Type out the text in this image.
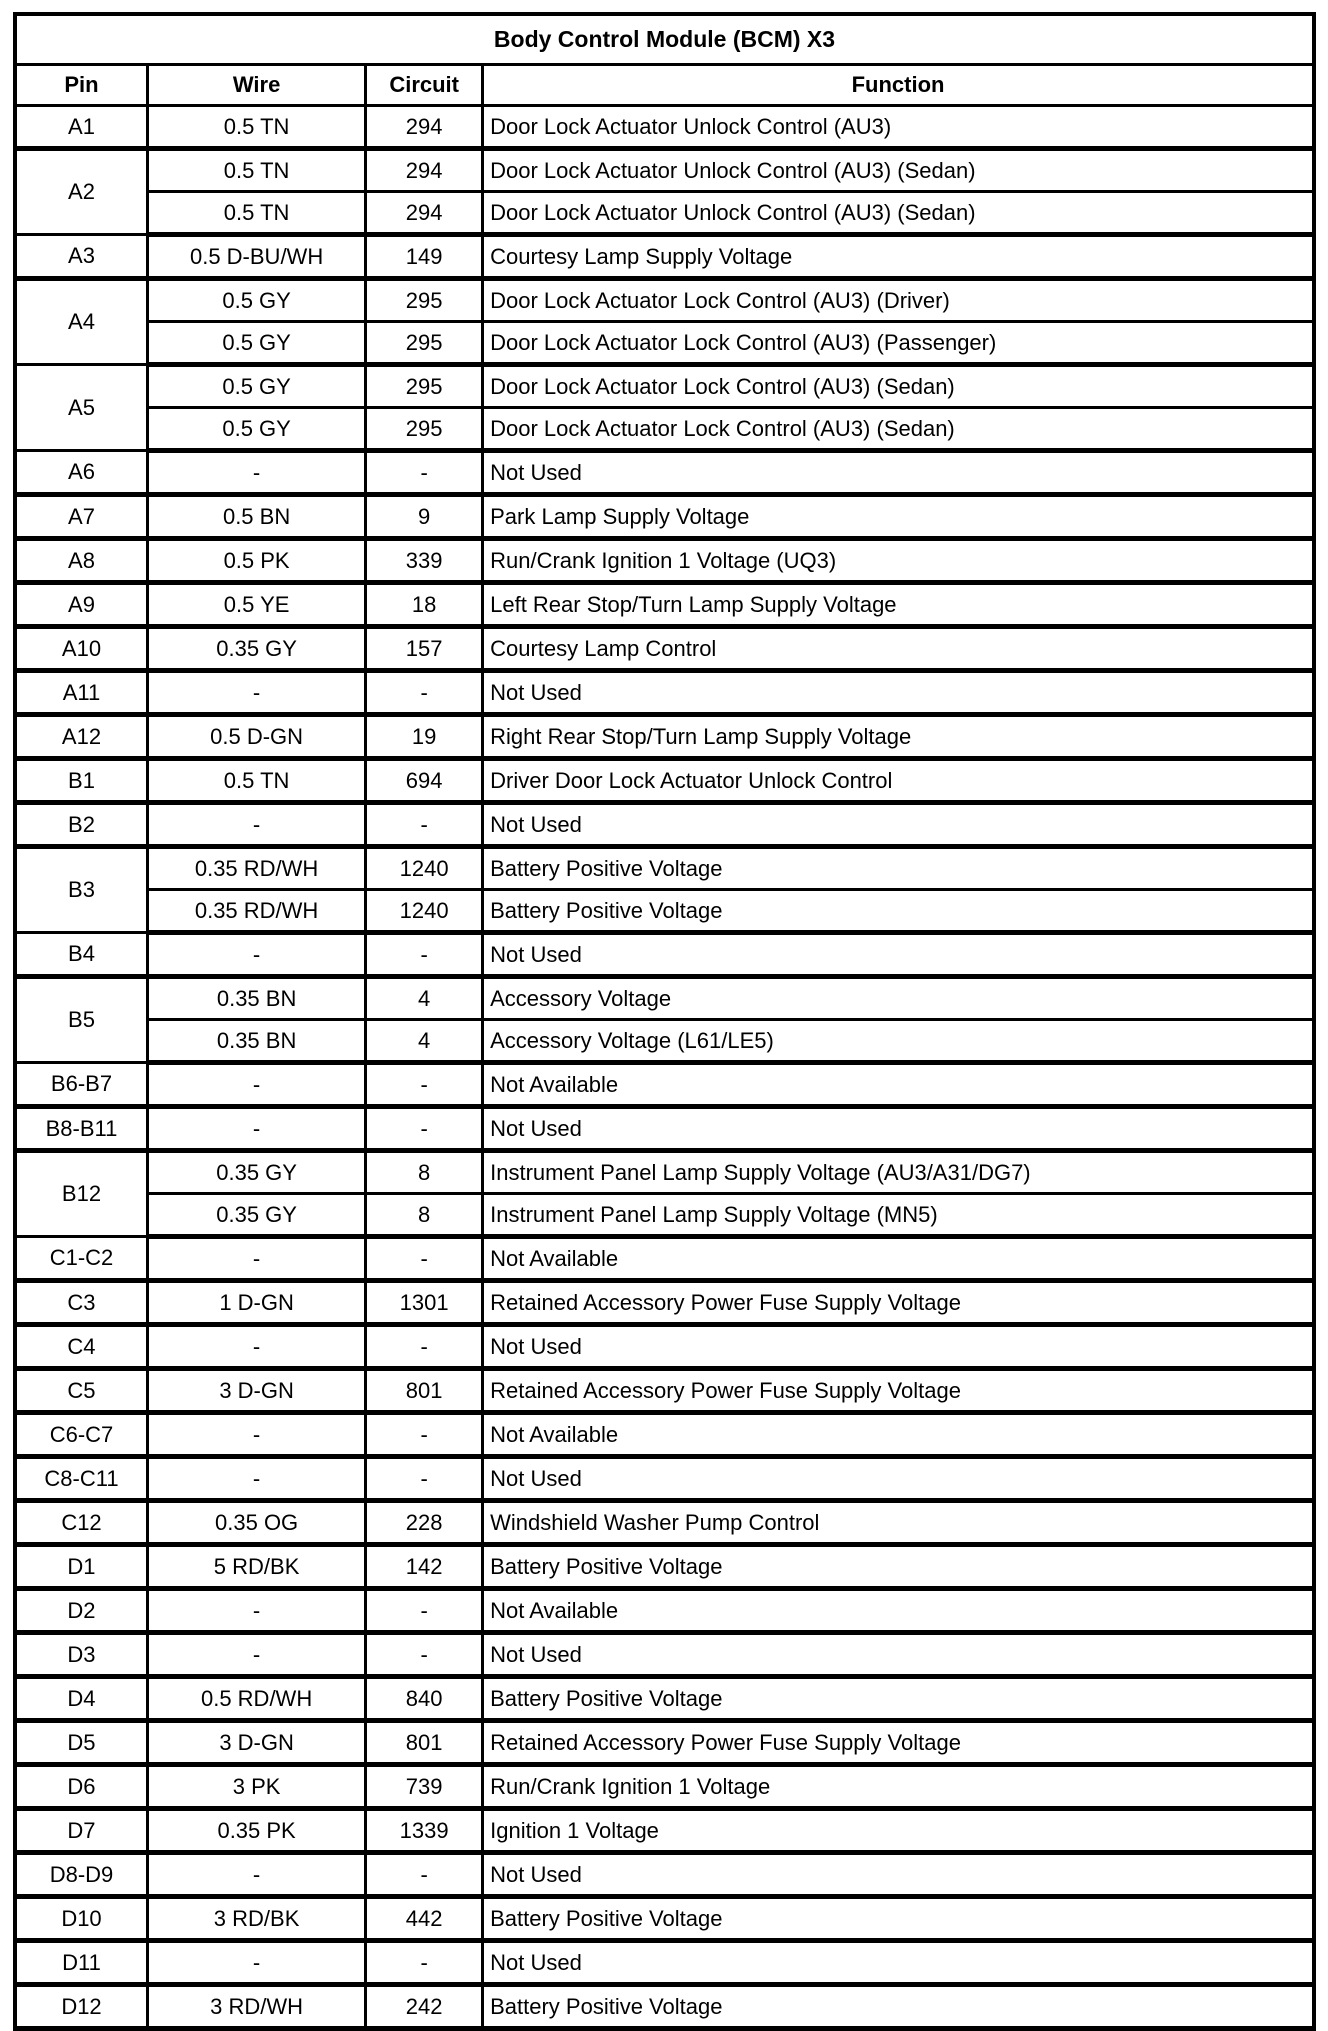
Body Control Module (BCM) X3			
Pin	Wire	Circuit	Function
A1	0.5 TN	294	Door Lock Actuator Unlock Control (AU3)
A2	0.5 TN	294	Door Lock Actuator Unlock Control (AU3) (Sedan)
	0.5 TN	294	Door Lock Actuator Unlock Control (AU3) (Sedan)
A3	0.5 D-BU/WH	149	Courtesy Lamp Supply Voltage
A4	0.5 GY	295	Door Lock Actuator Lock Control (AU3) (Driver)
	0.5 GY	295	Door Lock Actuator Lock Control (AU3) (Passenger)
A5	0.5 GY	295	Door Lock Actuator Lock Control (AU3) (Sedan)
	0.5 GY	295	Door Lock Actuator Lock Control (AU3) (Sedan)
A6	-	-	Not Used
A7	0.5 BN	9	Park Lamp Supply Voltage
A8	0.5 PK	339	Run/Crank Ignition 1 Voltage (UQ3)
A9	0.5 YE	18	Left Rear Stop/Turn Lamp Supply Voltage
A10	0.35 GY	157	Courtesy Lamp Control
A11	-	-	Not Used
A12	0.5 D-GN	19	Right Rear Stop/Turn Lamp Supply Voltage
B1	0.5 TN	694	Driver Door Lock Actuator Unlock Control
B2	-	-	Not Used
B3	0.35 RD/WH	1240	Battery Positive Voltage
	0.35 RD/WH	1240	Battery Positive Voltage
B4	-	-	Not Used
B5	0.35 BN	4	Accessory Voltage
	0.35 BN	4	Accessory Voltage (L61/LE5)
B6-B7	-	-	Not Available
B8-B11	-	-	Not Used
B12	0.35 GY	8	Instrument Panel Lamp Supply Voltage (AU3/A31/DG7)
	0.35 GY	8	Instrument Panel Lamp Supply Voltage (MN5)
C1-C2	-	-	Not Available
C3	1 D-GN	1301	Retained Accessory Power Fuse Supply Voltage
C4	-	-	Not Used
C5	3 D-GN	801	Retained Accessory Power Fuse Supply Voltage
C6-C7	-	-	Not Available
C8-C11	-	-	Not Used
C12	0.35 OG	228	Windshield Washer Pump Control
D1	5 RD/BK	142	Battery Positive Voltage
D2	-	-	Not Available
D3	-	-	Not Used
D4	0.5 RD/WH	840	Battery Positive Voltage
D5	3 D-GN	801	Retained Accessory Power Fuse Supply Voltage
D6	3 PK	739	Run/Crank Ignition 1 Voltage
D7	0.35 PK	1339	Ignition 1 Voltage
D8-D9	-	-	Not Used
D10	3 RD/BK	442	Battery Positive Voltage
D11	-	-	Not Used
D12	3 RD/WH	242	Battery Positive Voltage
